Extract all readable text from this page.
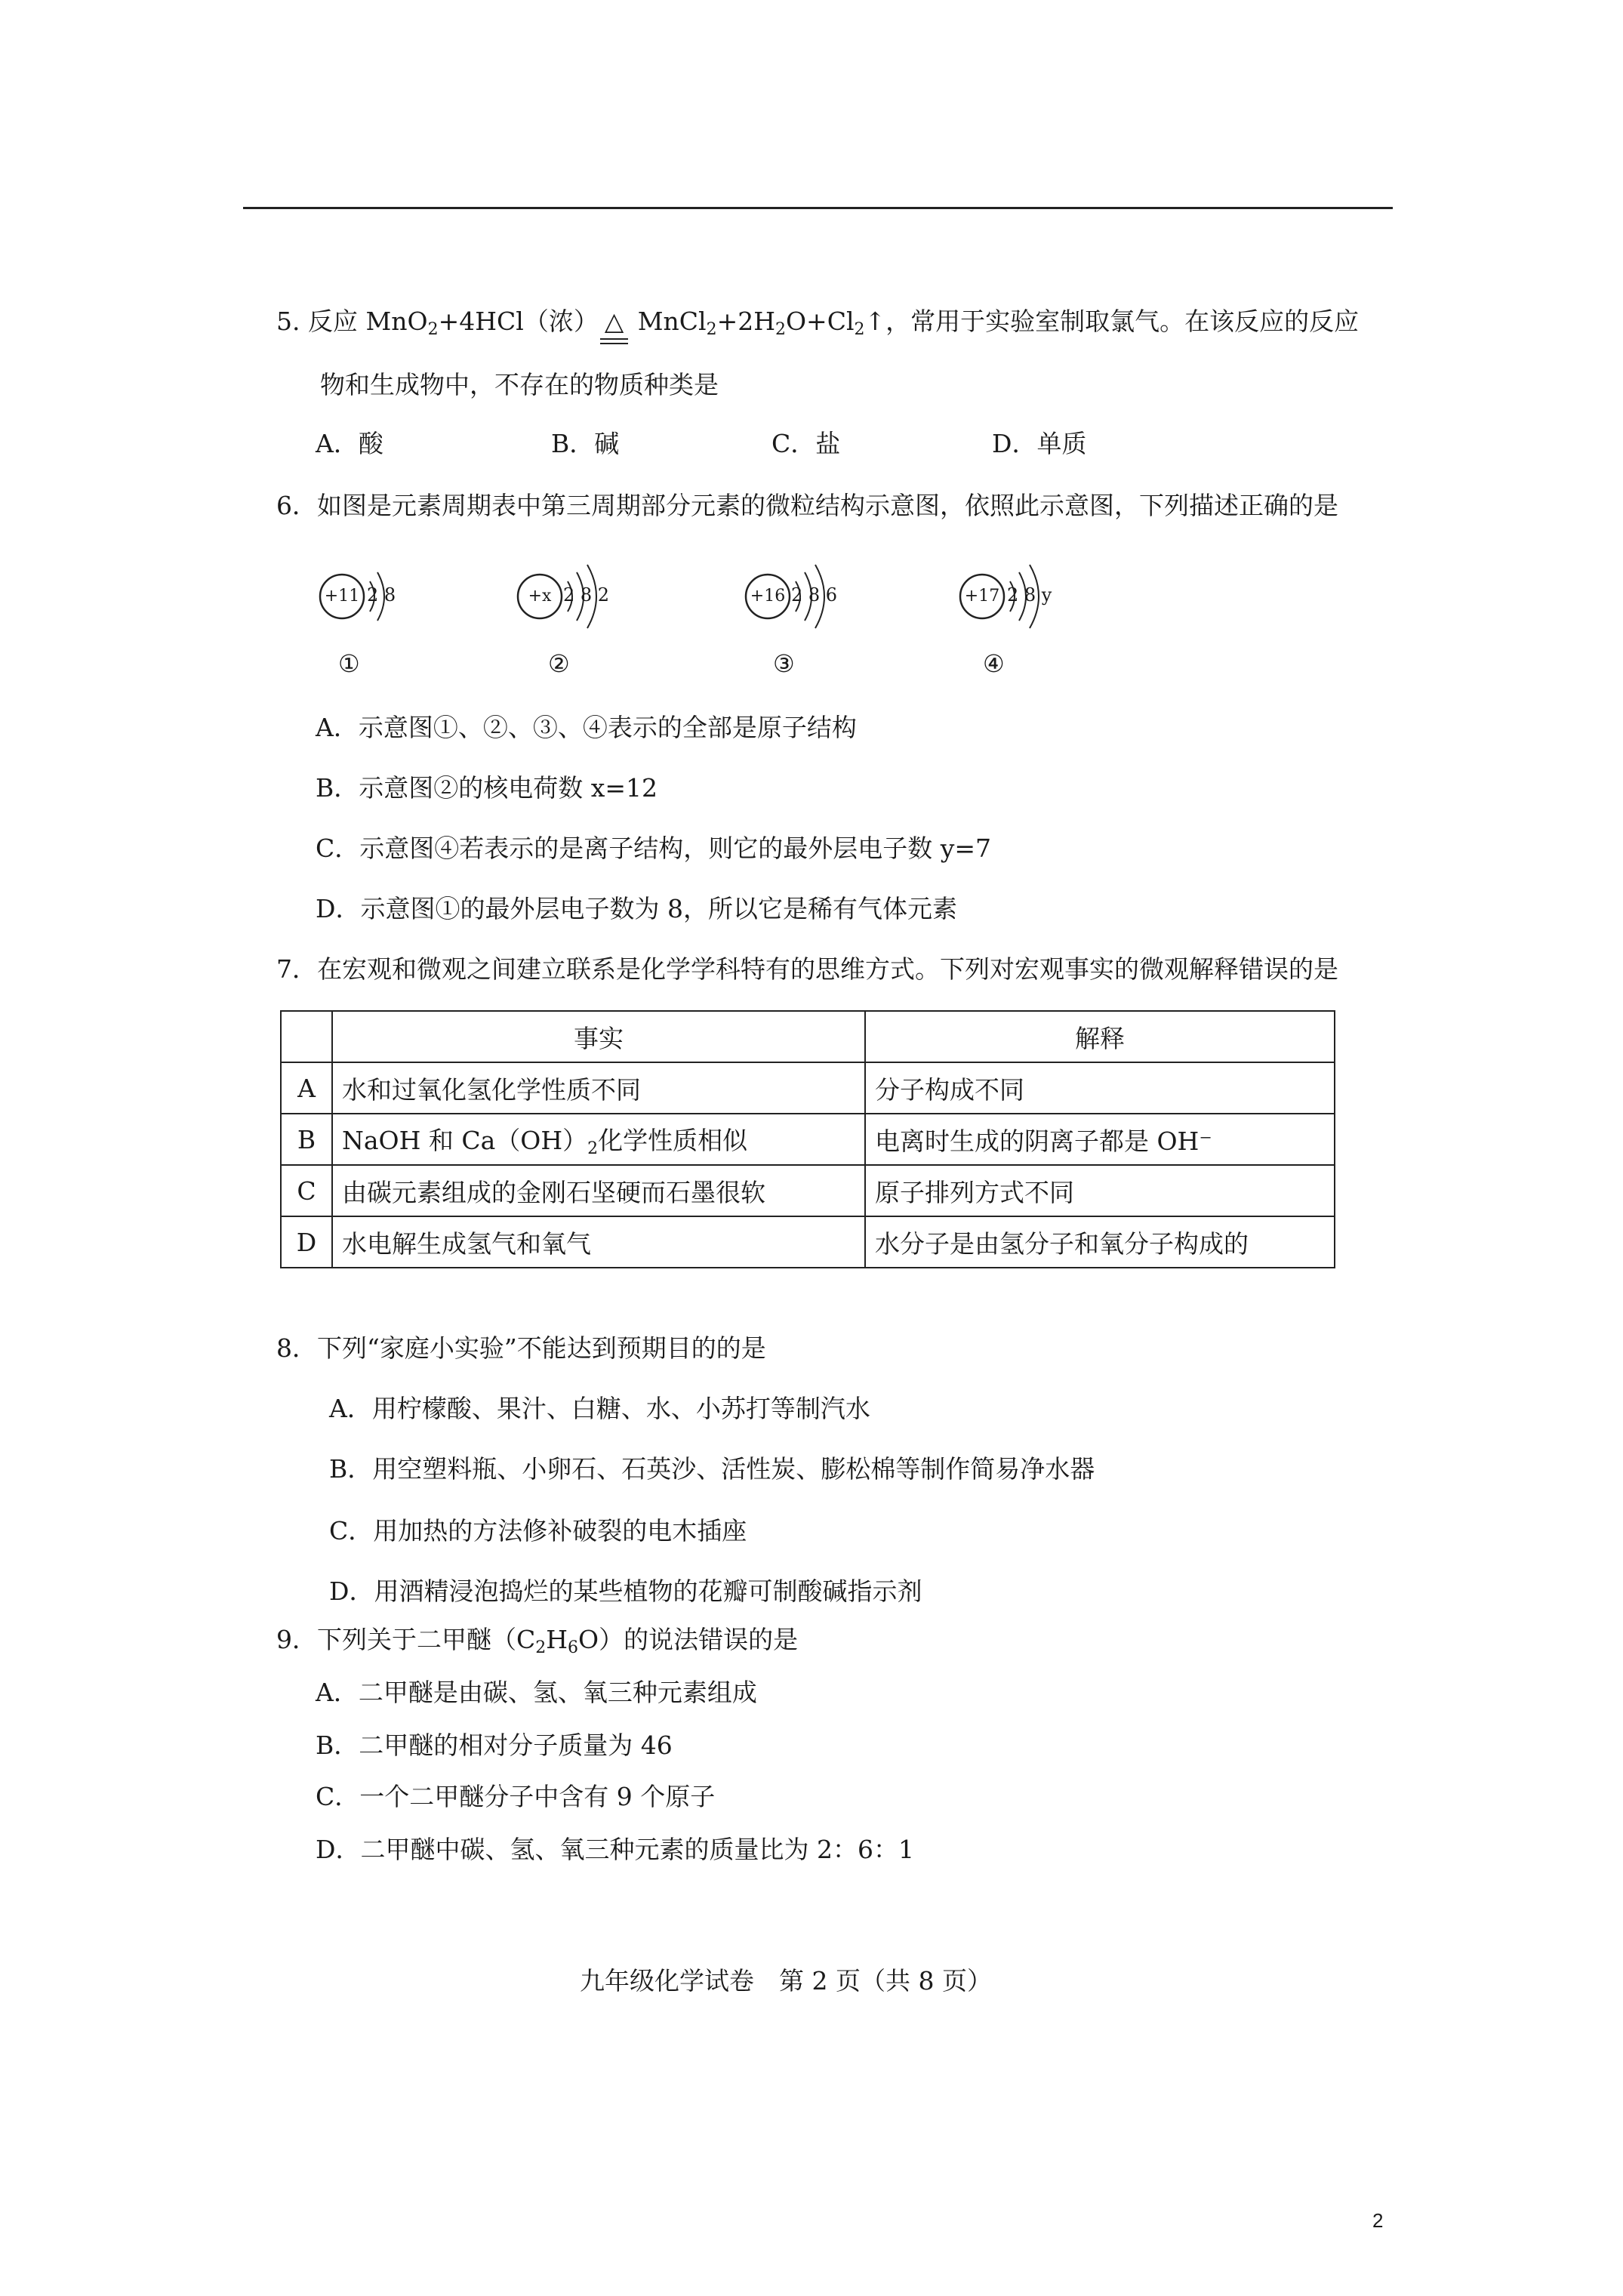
5. 反应 MnO$_2$+4HCl（浓） △ $MnCl_2+2H_2O+Cl_2↑$，常用于实验室制取氯气。在该反应的反应
物和生成物中，不存在的物质种类是
A．酸	B．碱	C．盐	D．单质
6．如图是元素周期表中第三周期部分元素的微粒结构示意图，依照此示意图，下列描述正确的是
+11 2 8
①
+x 2 8 2
②
+16 2 8 6
③
+17 2 8 y
④
A．示意图①、②、③、④表示的全部是原子结构
B．示意图②的核电荷数 x=12
C．示意图④若表示的是离子结构，则它的最外层电子数 y=7
D．示意图①的最外层电子数为 8，所以它是稀有气体元素
7．在宏观和微观之间建立联系是化学学科特有的思维方式。下列对宏观事实的微观解释错误的是
	事实	解释
A	水和过氧化氢化学性质不同	分子构成不同
B	NaOH 和 $Ca(OH)_2$化学性质相似	电离时生成的阴离子都是 OH⁻
C	由碳元素组成的金刚石坚硬而石墨很软	原子排列方式不同
D	水电解生成氢气和氧气	水分子是由氢分子和氧分子构成的
8．下列“家庭小实验”不能达到预期目的的是
A．用柠檬酸、果汁、白糖、水、小苏打等制汽水
B．用空塑料瓶、小卵石、石英沙、活性炭、膨松棉等制作简易净水器
C．用加热的方法修补破裂的电木插座
D．用酒精浸泡捣烂的某些植物的花瓣可制酸碱指示剂
9．下列关于二甲醚$(C_2H_6O)$的说法错误的是
A．二甲醚是由碳、氢、氧三种元素组成
B．二甲醚的相对分子质量为 46
C．一个二甲醚分子中含有 9 个原子
D．二甲醚中碳、氢、氧三种元素的质量比为 2：6：1
九年级化学试卷　第 2 页（共 8 页）
2
